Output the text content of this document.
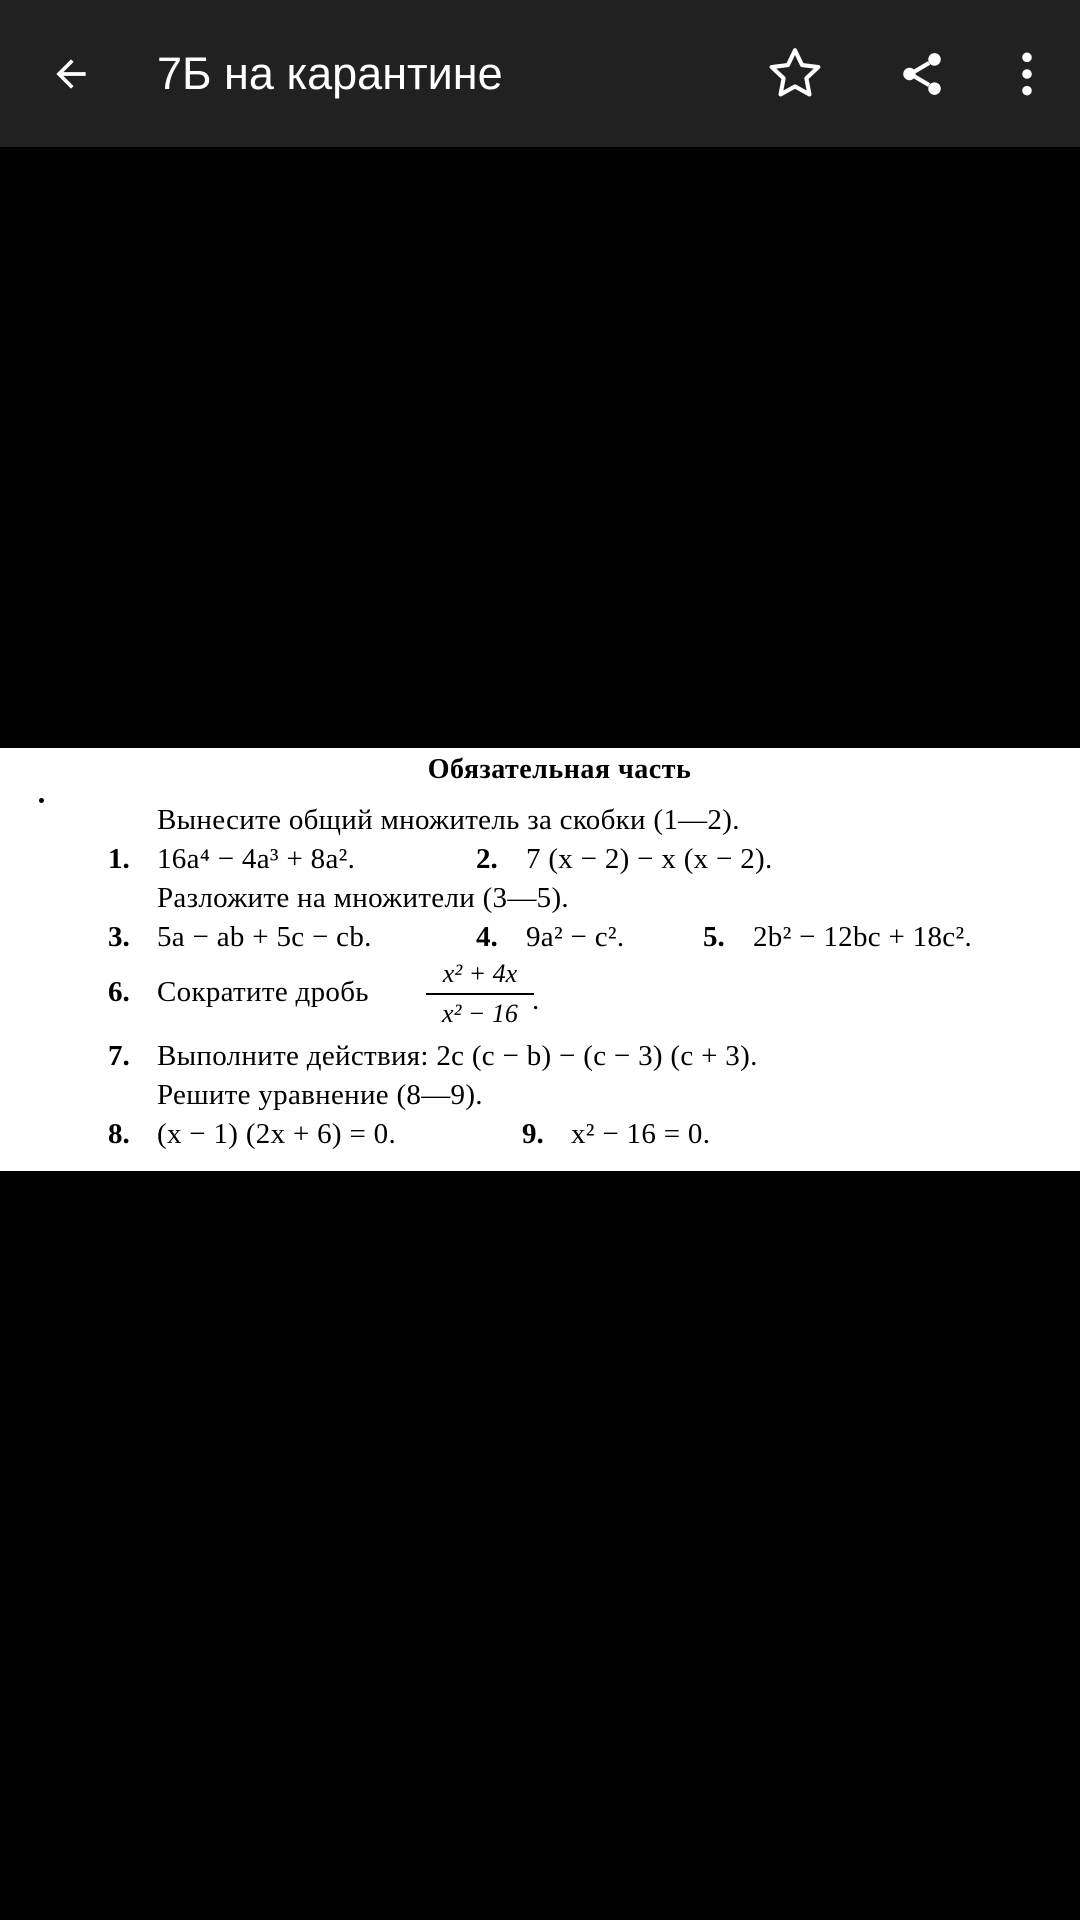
7Б на карантине
Обязательная часть
Вынесите общий множитель за скобки (1—2).
1. 16a⁴ − 4a³ + 8a².	2. 7 (x − 2) − x (x − 2).
Разложите на множители (3—5).
3. 5a − ab + 5c − cb.	4. 9a² − c².	5. 2b² − 12bc + 18c².
6. Сократите дробь $\frac{\text{x² + 4x}}{\text{x² − 16}}$
.
7. Выполните действия: 2c (c − b) − (c − 3) (c + 3).
Решите уравнение (8—9).
8. (x − 1) (2x + 6) = 0.	9. x² − 16 = 0.
